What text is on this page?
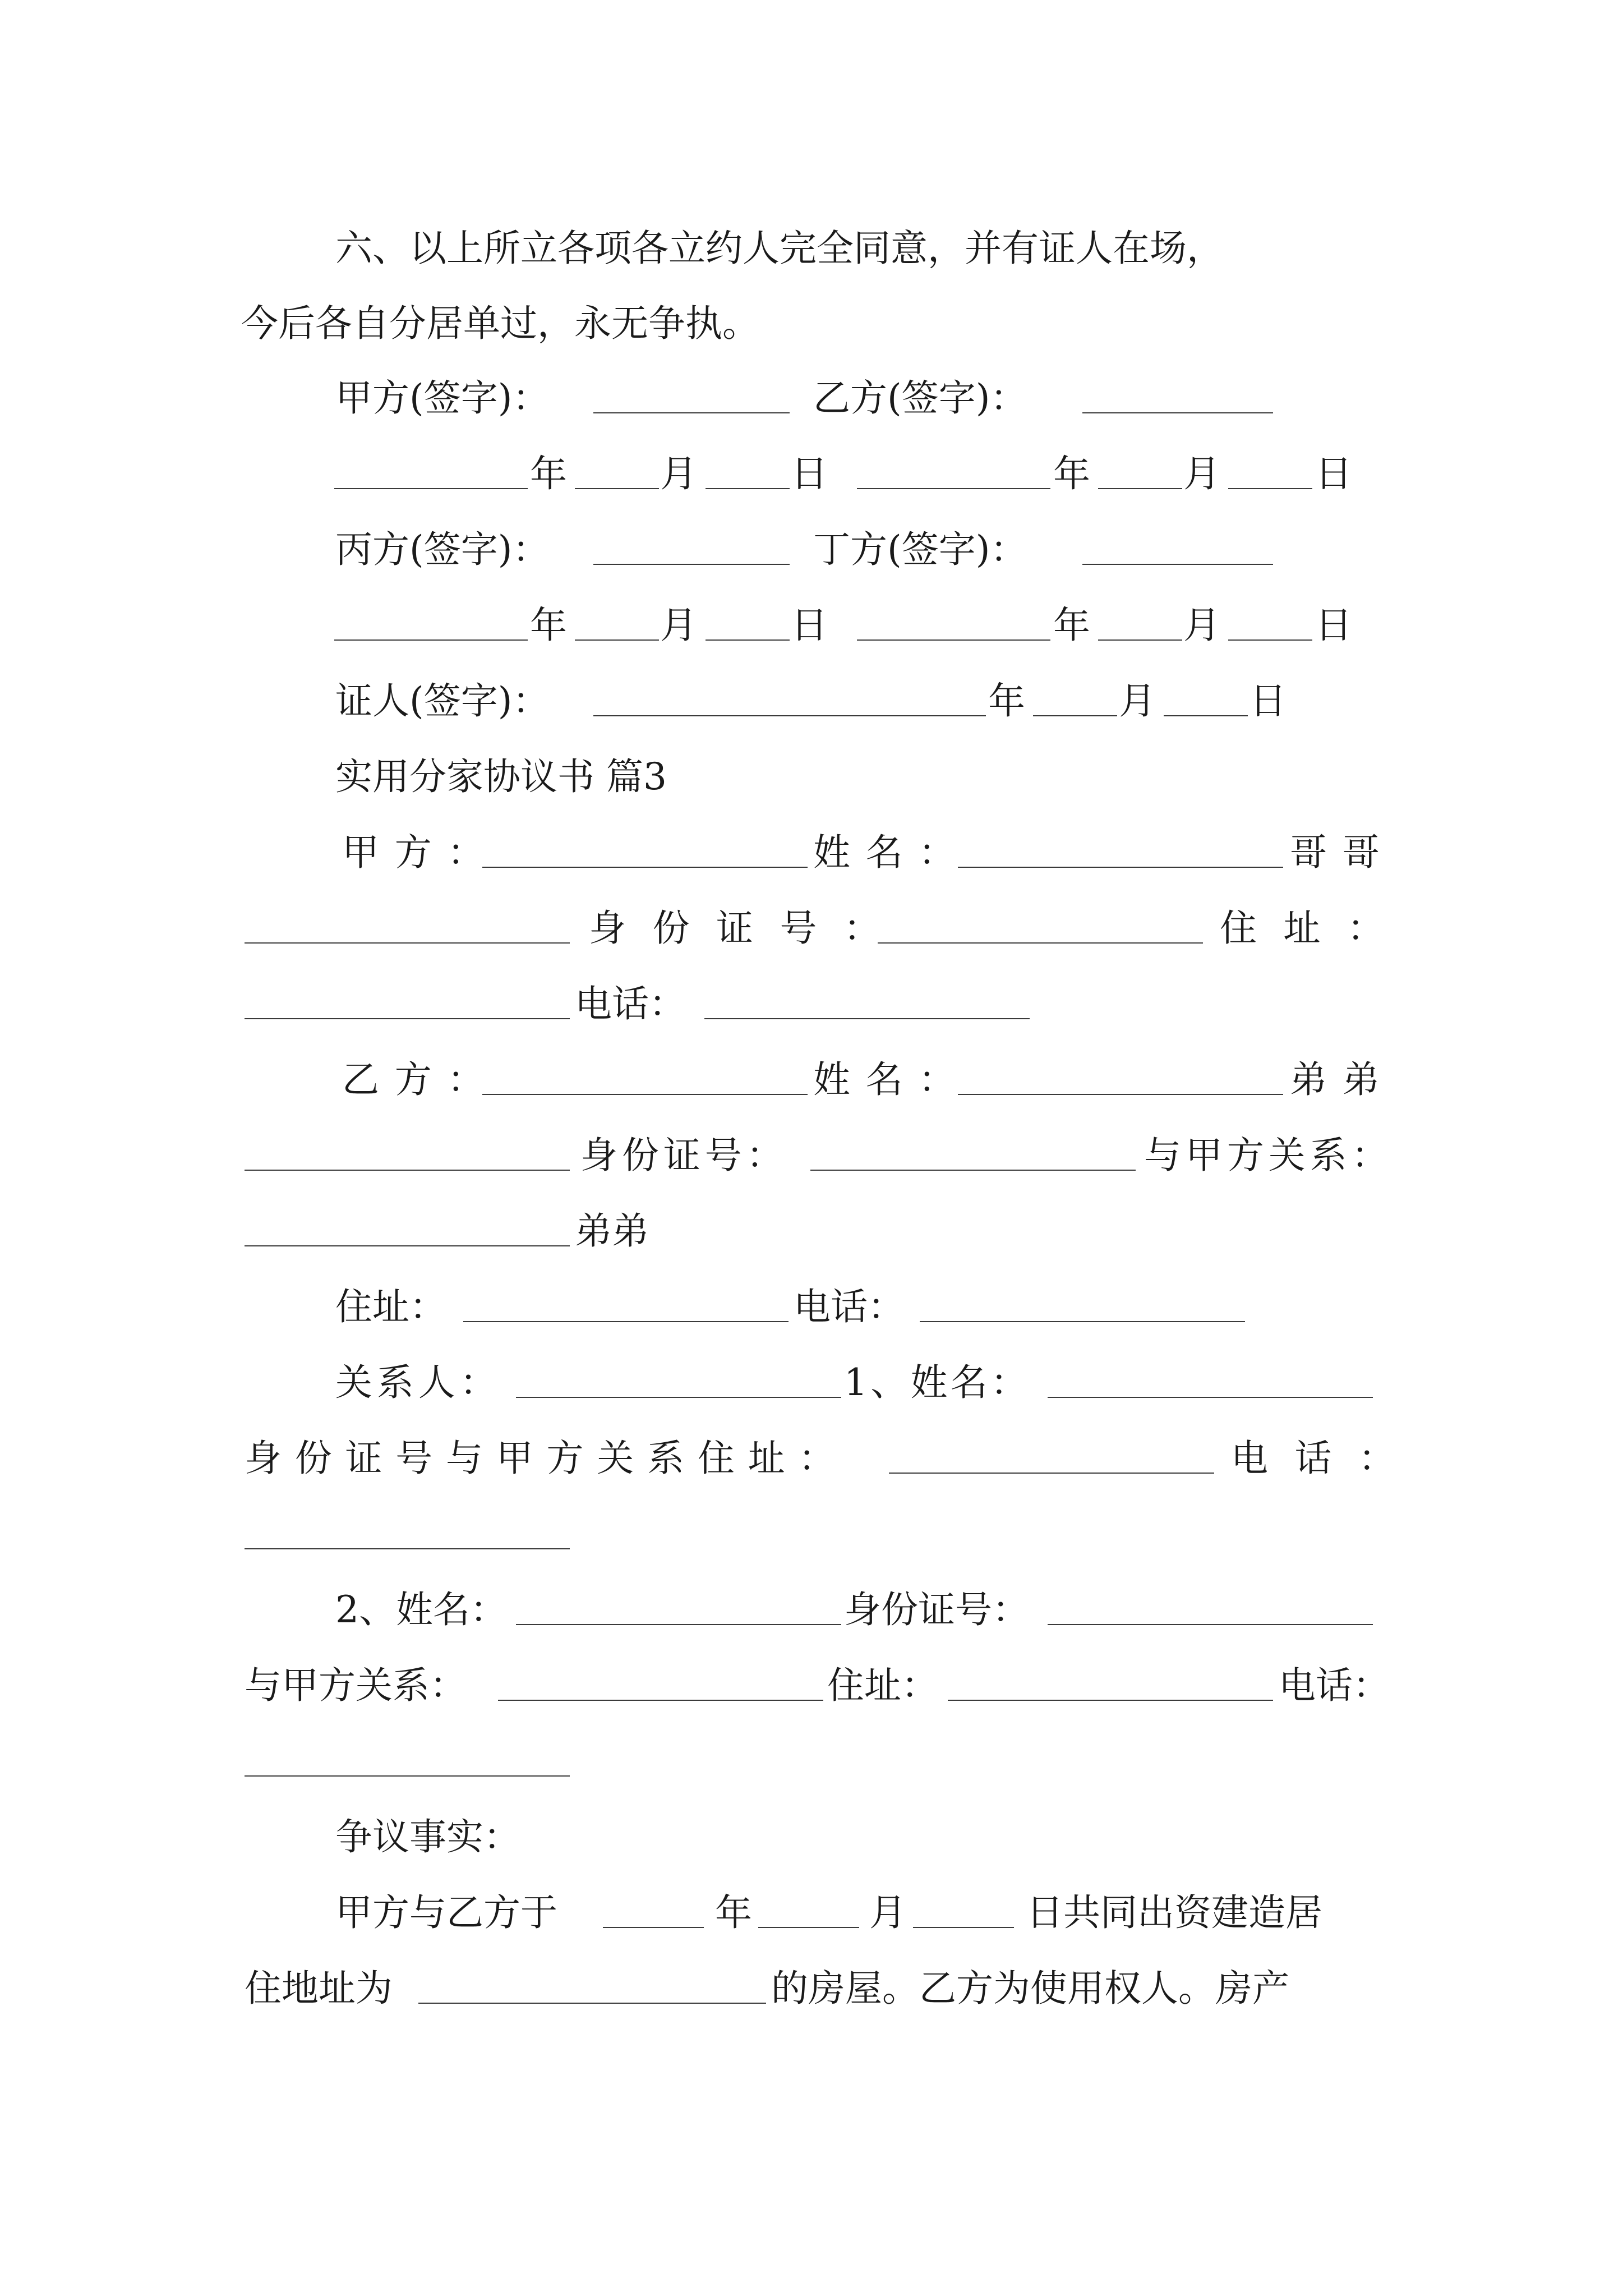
六、以上所立各项各立约人完全同意，并有证人在场，
今后各自分居单过，永无争执。
甲方(签字)：	乙方(签字)：
年	月	日	年	月	日
丙方(签字)：	丁方(签字)：
年	月	日	年	月	日
证人(签字)：	年	月	日
实用分家协议书 篇3
甲方：	姓名：	哥哥
身份证号：	住址：
电话：
乙方：	姓名：	弟弟
身份证号：	与甲方关系：
弟弟
住址：	电话：
关系人：	1、姓名：
身份证号与甲方关系住址：	电话：
2、姓名：	身份证号：
与甲方关系：	住址：	电话：
争议事实：
甲方与乙方于	年	月	日共同出资建造居
住地址为	的房屋。乙方为使用权人。房产
